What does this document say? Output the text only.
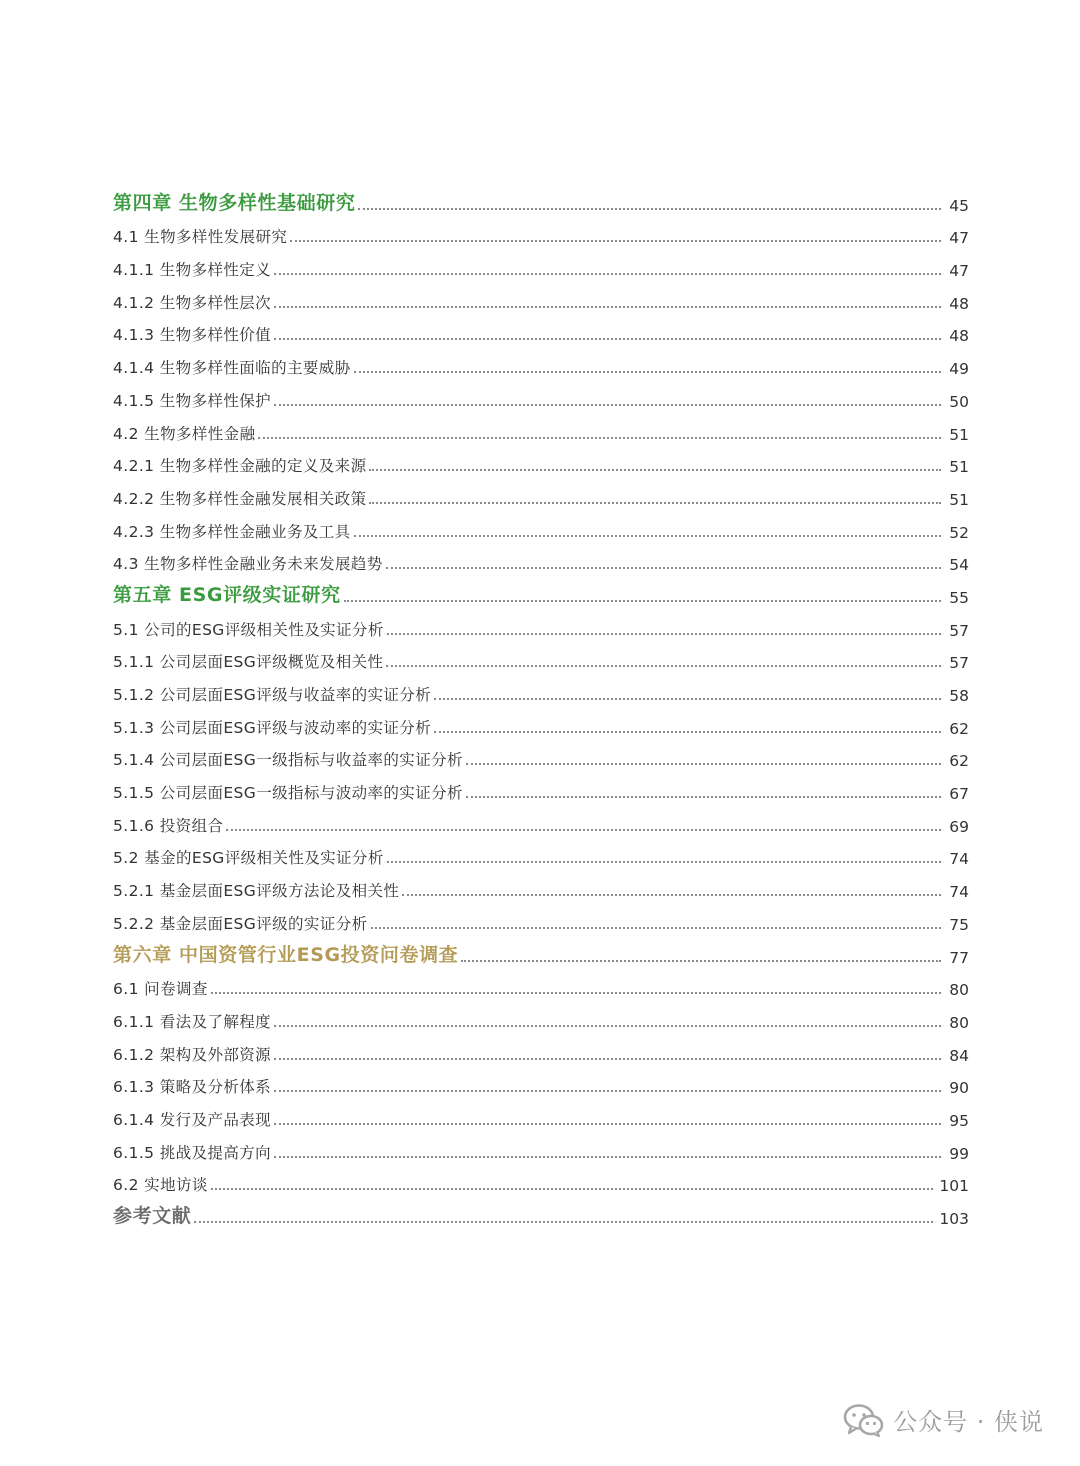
第四章 生物多样性基础研究	45
4.1 生物多样性发展研究	47
4.1.1 生物多样性定义	47
4.1.2 生物多样性层次	48
4.1.3 生物多样性价值	48
4.1.4 生物多样性面临的主要威胁	49
4.1.5 生物多样性保护	50
4.2 生物多样性金融	51
4.2.1 生物多样性金融的定义及来源	51
4.2.2 生物多样性金融发展相关政策	51
4.2.3 生物多样性金融业务及工具	52
4.3 生物多样性金融业务未来发展趋势	54
第五章 ESG评级实证研究	55
5.1 公司的ESG评级相关性及实证分析	57
5.1.1 公司层面ESG评级概览及相关性	57
5.1.2 公司层面ESG评级与收益率的实证分析	58
5.1.3 公司层面ESG评级与波动率的实证分析	62
5.1.4 公司层面ESG一级指标与收益率的实证分析	62
5.1.5 公司层面ESG一级指标与波动率的实证分析	67
5.1.6 投资组合	69
5.2 基金的ESG评级相关性及实证分析	74
5.2.1 基金层面ESG评级方法论及相关性	74
5.2.2 基金层面ESG评级的实证分析	75
第六章 中国资管行业ESG投资问卷调查	77
6.1 问卷调查	80
6.1.1 看法及了解程度	80
6.1.2 架构及外部资源	84
6.1.3 策略及分析体系	90
6.1.4 发行及产品表现	95
6.1.5 挑战及提高方向	99
6.2 实地访谈	101
参考文献	103
公众号 · 侠说
